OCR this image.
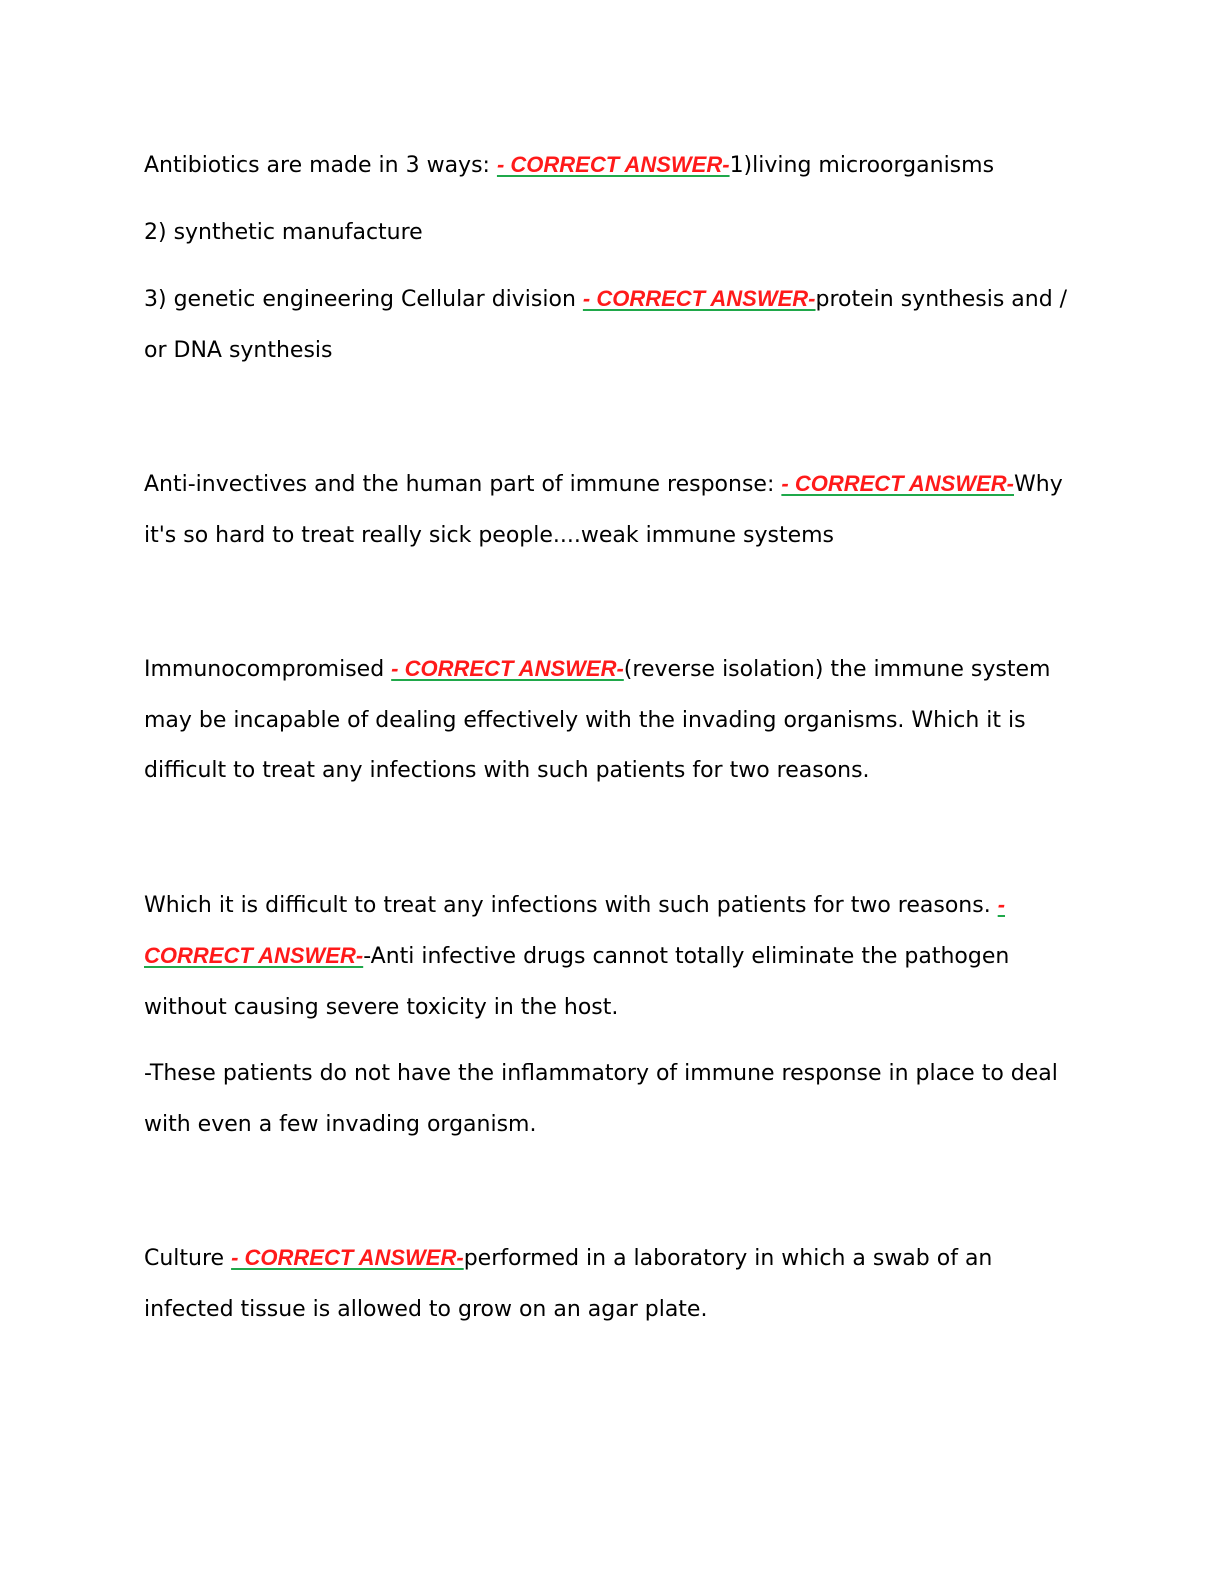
Antibiotics are made in 3 ways: - CORRECT ANSWER-1)living microorganisms

2) synthetic manufacture

3) genetic engineering Cellular division - CORRECT ANSWER-protein synthesis and / or DNA synthesis

Anti-invectives and the human part of immune response: - CORRECT ANSWER-Why it's so hard to treat really sick people....weak immune systems

Immunocompromised - CORRECT ANSWER-(reverse isolation) the immune system may be incapable of dealing effectively with the invading organisms. Which it is difficult to treat any infections with such patients for two reasons.

Which it is difficult to treat any infections with such patients for two reasons. - CORRECT ANSWER--Anti infective drugs cannot totally eliminate the pathogen without causing severe toxicity in the host.

-These patients do not have the inflammatory of immune response in place to deal with even a few invading organism.

Culture - CORRECT ANSWER-performed in a laboratory in which a swab of an infected tissue is allowed to grow on an agar plate.
